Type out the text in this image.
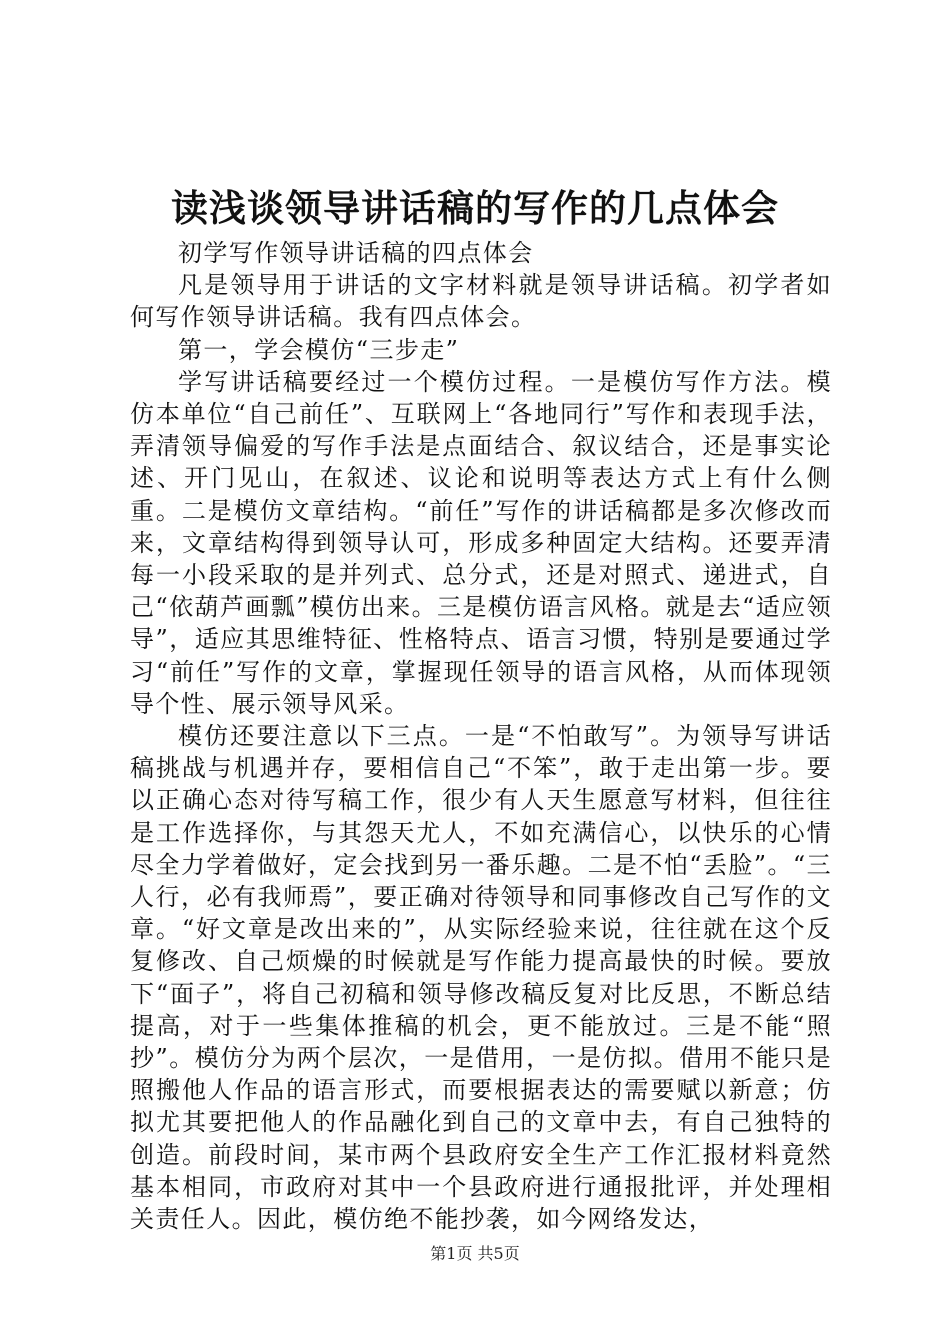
读浅谈领导讲话稿的写作的几点体会

初学写作领导讲话稿的四点体会

凡是领导用于讲话的文字材料就是领导讲话稿。初学者如何写作领导讲话稿。我有四点体会。

第一，学会模仿“三步走”

学写讲话稿要经过一个模仿过程。一是模仿写作方法。模仿本单位“自己前任”、互联网上“各地同行”写作和表现手法，弄清领导偏爱的写作手法是点面结合、叙议结合，还是事实论述、开门见山，在叙述、议论和说明等表达方式上有什么侧重。二是模仿文章结构。“前任”写作的讲话稿都是多次修改而来，文章结构得到领导认可，形成多种固定大结构。还要弄清每一小段采取的是并列式、总分式，还是对照式、递进式，自己“依葫芦画瓢”模仿出来。三是模仿语言风格。就是去“适应领导”，适应其思维特征、性格特点、语言习惯，特别是要通过学习“前任”写作的文章，掌握现任领导的语言风格，从而体现领导个性、展示领导风采。

模仿还要注意以下三点。一是“不怕敢写”。为领导写讲话稿挑战与机遇并存，要相信自己“不笨”，敢于走出第一步。要以正确心态对待写稿工作，很少有人天生愿意写材料，但往往是工作选择你，与其怨天尤人，不如充满信心，以快乐的心情尽全力学着做好，定会找到另一番乐趣。二是不怕“丢脸”。“三人行，必有我师焉”，要正确对待领导和同事修改自己写作的文章。“好文章是改出来的”，从实际经验来说，往往就在这个反复修改、自己烦燥的时候就是写作能力提高最快的时候。要放下“面子”，将自己初稿和领导修改稿反复对比反思，不断总结提高，对于一些集体推稿的机会，更不能放过。三是不能“照抄”。模仿分为两个层次，一是借用，一是仿拟。借用不能只是照搬他人作品的语言形式，而要根据表达的需要赋以新意；仿拟尤其要把他人的作品融化到自己的文章中去，有自己独特的创造。前段时间，某市两个县政府安全生产工作汇报材料竟然基本相同，市政府对其中一个县政府进行通报批评，并处理相关责任人。因此，模仿绝不能抄袭，如今网络发达，

第1页 共5页
